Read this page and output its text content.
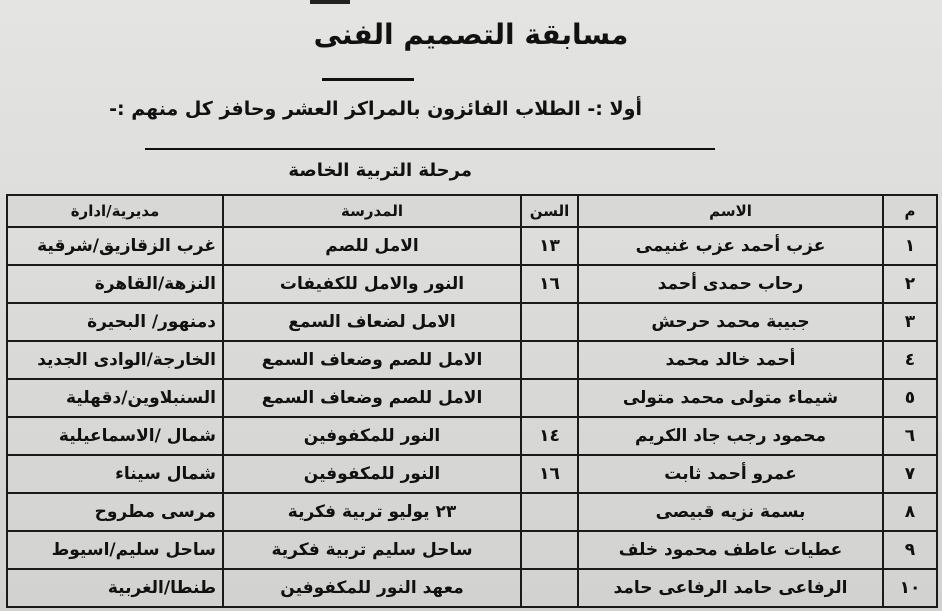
مسابقة التصميم الفنى
أولا :- الطلاب الفائزون بالمراكز العشر وحافز كل منهم :-
مرحلة التربية الخاصة
م	الاسم	السن	المدرسة	مديرية/ادارة
١	عزب أحمد عزب غنيمى	١٣	الامل للصم	غرب الزقازيق/شرقية
٢	رحاب حمدى أحمد	١٦	النور والامل للكفيفات	النزهة/القاهرة
٣	جبيبة محمد حرحش		الامل لضعاف السمع	دمنهور/ البحيرة
٤	أحمد خالد محمد		الامل للصم وضعاف السمع	الخارجة/الوادى الجديد
٥	شيماء متولى محمد متولى		الامل للصم وضعاف السمع	السنبلاوين/دقهلية
٦	محمود رجب جاد الكريم	١٤	النور للمكفوفين	شمال /الاسماعيلية
٧	عمرو أحمد ثابت	١٦	النور للمكفوفين	شمال سيناء
٨	بسمة نزيه قبيصى		٢٣ يوليو تربية فكرية	مرسى مطروح
٩	عطيات عاطف محمود خلف		ساحل سليم تربية فكرية	ساحل سليم/اسيوط
١٠	الرفاعى حامد الرفاعى حامد		معهد النور للمكفوفين	طنطا/الغربية
